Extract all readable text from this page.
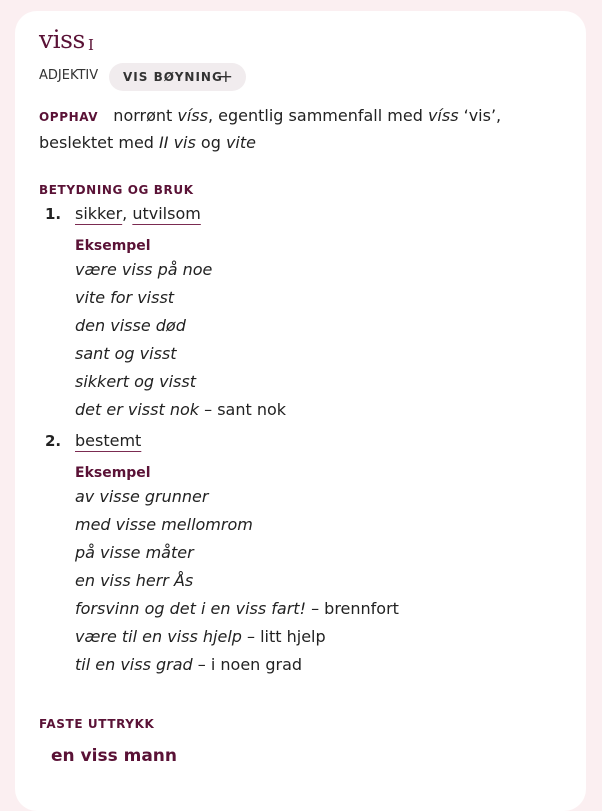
viss I
ADJEKTIV VIS BØYNING
+
OPPHAV norrønt víss, egentlig sammenfall med víss ‘vis’, beslektet med II vis og vite
BETYDNING OG BRUK
1. sikker, utvilsom
Eksempel
være viss på noe
vite for visst
den visse død
sant og visst
sikkert og visst
det er visst nok – sant nok
2. bestemt
Eksempel
av visse grunner
med visse mellomrom
på visse måter
en viss herr Ås
forsvinn og det i en viss fart! – brennfort
være til en viss hjelp – litt hjelp
til en viss grad – i noen grad
FASTE UTTRYKK
en viss mann
